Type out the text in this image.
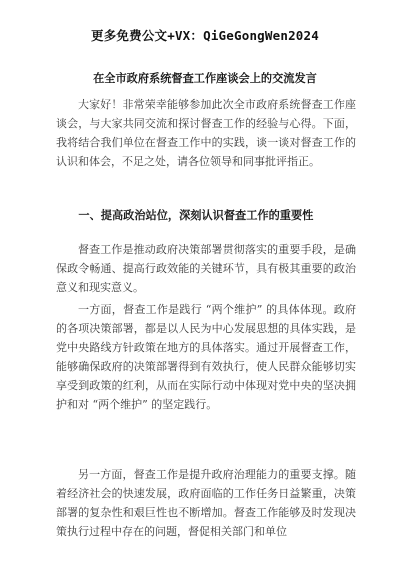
更多免费公文+VX：QiGeGongWen2024
在全市政府系统督查工作座谈会上的交流发言

大家好！非常荣幸能够参加此次全市政府系统督查工作座谈会，与大家共同交流和探讨督查工作的经验与心得。下面，我将结合我们单位在督查工作中的实践，谈一谈对督查工作的认识和体会，不足之处，请各位领导和同事批评指正。

一、提高政治站位，深刻认识督查工作的重要性

督查工作是推动政府决策部署贯彻落实的重要手段，是确保政令畅通、提高行政效能的关键环节，具有极其重要的政治意义和现实意义。

一方面，督查工作是践行 “两个维护” 的具体体现。政府的各项决策部署，都是以人民为中心发展思想的具体实践，是党中央路线方针政策在地方的具体落实。通过开展督查工作，能够确保政府的决策部署得到有效执行，使人民群众能够切实享受到政策的红利，从而在实际行动中体现对党中央的坚决拥护和对 “两个维护” 的坚定践行。

另一方面，督查工作是提升政府治理能力的重要支撑。随着经济社会的快速发展，政府面临的工作任务日益繁重，决策部署的复杂性和艰巨性也不断增加。督查工作能够及时发现决策执行过程中存在的问题，督促相关部门和单位
